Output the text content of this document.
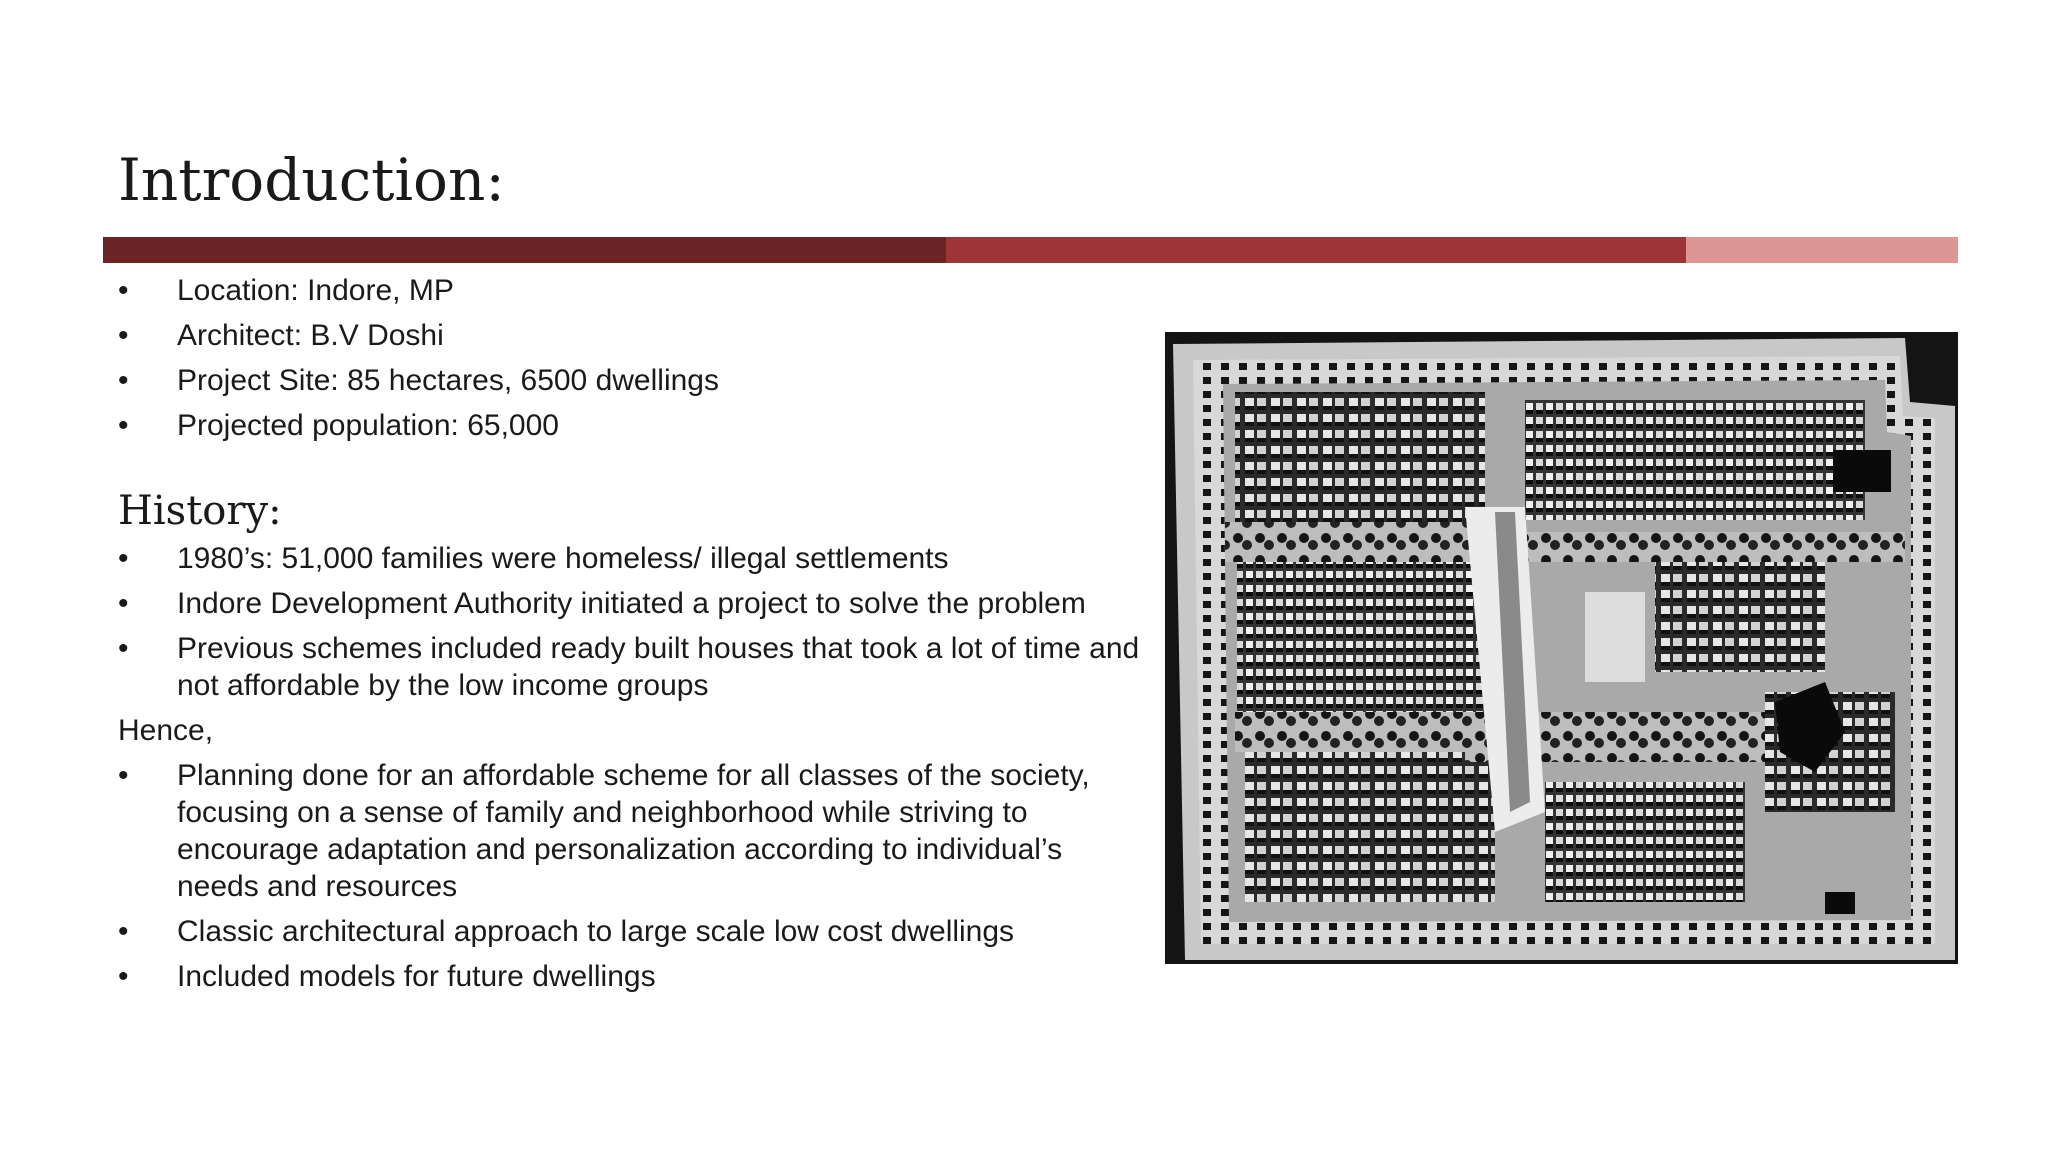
Introduction:
• Location: Indore, MP
• Architect: B.V Doshi
• Project Site: 85 hectares, 6500 dwellings
• Projected population: 65,000
History:
• 1980’s: 51,000 families were homeless/ illegal settlements
• Indore Development Authority initiated a project to solve the problem
• Previous schemes included ready built houses that took a lot of time and not affordable by the low income groups
Hence,
• Planning done for an affordable scheme for all classes of the society, focusing on a sense of family and neighborhood while striving to encourage adaptation and personalization according to individual’s needs and resources
• Classic architectural approach to large scale low cost dwellings
• Included models for future dwellings
